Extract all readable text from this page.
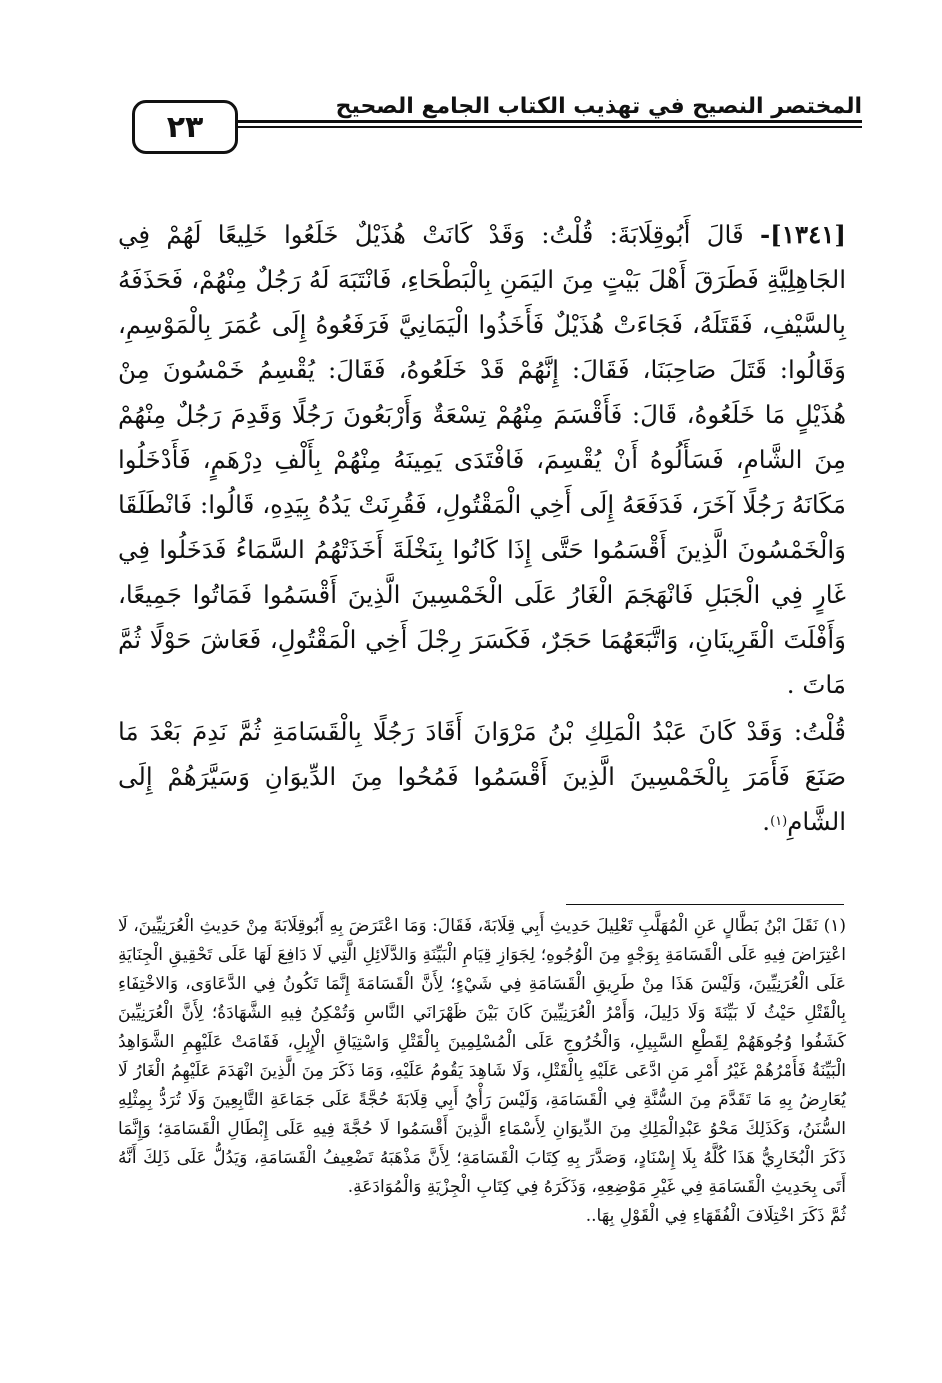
٢٣
المختصر النصيح في تهذيب الكتاب الجامع الصحيح

[١٣٤١]- قَالَ أَبُوقِلَابَةَ: قُلْتُ: وَقَدْ كَانَتْ هُذَيْلٌ خَلَعُوا خَلِيعًا لَهُمْ فِي الجَاهِلِيَّةِ فَطَرَقَ أَهْلَ بَيْتٍ مِنَ اليَمَنِ بِالْبَطْحَاءِ، فَانْتَبَهَ لَهُ رَجُلٌ مِنْهُمْ، فَحَذَفَهُ بِالسَّيْفِ، فَقَتَلَهُ، فَجَاءَتْ هُذَيْلٌ فَأَخَذُوا الْيَمَانِيَّ فَرَفَعُوهُ إِلَى عُمَرَ بِالْمَوْسِمِ، وَقَالُوا: قَتَلَ صَاحِبَنَا، فَقَالَ: إِنَّهُمْ قَدْ خَلَعُوهُ، فَقَالَ: يُقْسِمُ خَمْسُونَ مِنْ هُذَيْلٍ مَا خَلَعُوهُ، قَالَ: فَأَقْسَمَ مِنْهُمْ تِسْعَةٌ وَأَرْبَعُونَ رَجُلًا وَقَدِمَ رَجُلٌ مِنْهُمْ مِنَ الشَّامِ، فَسَأَلُوهُ أَنْ يُقْسِمَ، فَافْتَدَى يَمِينَهُ مِنْهُمْ بِأَلْفِ دِرْهَمٍ، فَأَدْخَلُوا مَكَانَهُ رَجُلًا آخَرَ، فَدَفَعَهُ إِلَى أَخِي الْمَقْتُولِ، فَقُرِنَتْ يَدُهُ بِيَدِهِ، قَالُوا: فَانْطَلَقَا وَالْخَمْسُونَ الَّذِينَ أَقْسَمُوا حَتَّى إِذَا كَانُوا بِنَخْلَةَ أَخَذَتْهُمُ السَّمَاءُ فَدَخَلُوا فِي غَارٍ فِي الْجَبَلِ فَانْهَجَمَ الْغَارُ عَلَى الْخَمْسِينَ الَّذِينَ أَقْسَمُوا فَمَاتُوا جَمِيعًا، وَأَفْلَتَ الْقَرِينَانِ، وَاتَّبَعَهُمَا حَجَرٌ، فَكَسَرَ رِجْلَ أَخِي الْمَقْتُولِ، فَعَاشَ حَوْلًا ثُمَّ مَاتَ .

قُلْتُ: وَقَدْ كَانَ عَبْدُ الْمَلِكِ بْنُ مَرْوَانَ أَقَادَ رَجُلًا بِالْقَسَامَةِ ثُمَّ نَدِمَ بَعْدَ مَا صَنَعَ فَأَمَرَ بِالْخَمْسِينَ الَّذِينَ أَقْسَمُوا فَمُحُوا مِنَ الدِّيوَانِ وَسَيَّرَهُمْ إِلَى الشَّامِ$^{(١)}$.

(١) نَقَلَ ابْنُ بَطَّالٍ عَنِ الْمُهَلَّبِ تَعْلِيلَ حَدِيثِ أَبِي قِلَابَةَ، فَقَالَ: وَمَا اعْتَرَضَ بِهِ أَبُوقِلَابَةَ مِنْ حَدِيثِ الْعُرَنِيِّينَ، لَا اعْتِرَاضَ فِيهِ عَلَى الْقَسَامَةِ بِوَجْهٍ مِنَ الْوُجُوهِ؛ لِجَوَازِ قِيَامِ الْبَيِّنَةِ وَالدَّلَائِلِ الَّتِي لَا دَافِعَ لَهَا عَلَى تَحْقِيقِ الْجِنَايَةِ عَلَى الْعُرَنِيِّينَ، وَلَيْسَ هَذَا مِنْ طَرِيقِ الْقَسَامَةِ فِي شَيْءٍ؛ لِأَنَّ الْقَسَامَةَ إِنَّمَا تَكُونُ فِي الدَّعَاوَى، وَالاخْتِفَاءِ بِالْقَتْلِ حَيْثُ لَا بَيِّنَةَ وَلَا دَلِيلَ، وَأَمْرُ الْعُرَنِيِّينَ كَانَ بَيْنَ ظَهْرَانَي النَّاسِ وَتُمْكِنُ فِيهِ الشَّهَادَةُ؛ لِأَنَّ الْعُرَنِيِّينَ كَشَفُوا وُجُوهَهُمْ لِقَطْعِ السَّبِيلِ، وَالْخُرُوجِ عَلَى الْمُسْلِمِينَ بِالْقَتْلِ وَاسْتِيَاقِ الْإِبِلِ، فَقَامَتْ عَلَيْهِمِ الشَّوَاهِدُ الْبَيِّنَةُ فَأَمْرُهُمْ غَيْرُ أَمْرِ مَنِ ادَّعَى عَلَيْهِ بِالْقَتْلِ، وَلَا شَاهِدَ يَقُومُ عَلَيْهِ، وَمَا ذَكَرَ مِنَ الَّذِينَ انْهَدَمَ عَلَيْهِمُ الْغَارُ لَا يُعَارِضُ بِهِ مَا تَقَدَّمَ مِنَ السُّنَّةِ فِي الْقَسَامَةِ، وَلَيْسَ رَأْيُ أَبِي قِلَابَةَ حُجَّةً عَلَى جَمَاعَةِ التَّابِعِينَ وَلَا تُرَدُّ بِمِثْلِهِ السُّنَنُ، وَكَذَلِكَ مَحْوُ عَبْدِالْمَلِكِ مِنَ الدِّيوَانِ لِأَسْمَاءِ الَّذِينَ أَقْسَمُوا لَا حُجَّةَ فِيهِ عَلَى إِبْطَالِ الْقَسَامَةِ؛ وَإِنَّمَا ذَكَرَ الْبُخَارِيُّ هَذَا كُلَّهُ بِلَا إِسْنَادٍ، وَصَدَّرَ بِهِ كِتَابَ الْقَسَامَةِ؛ لِأَنَّ مَذْهَبَهُ تَضْعِيفُ الْقَسَامَةِ، وَيَدُلُّ عَلَى ذَلِكَ أَنَّهُ أَتَى بِحَدِيثِ الْقَسَامَةِ فِي غَيْرِ مَوْضِعِهِ، وَذَكَرَهُ فِي كِتَابِ الْجِزْيَةِ وَالْمُوَادَعَةِ.

ثُمَّ ذَكَرَ اخْتِلَافَ الْفُقَهَاءِ فِي الْقَوْلِ بِهَا..
